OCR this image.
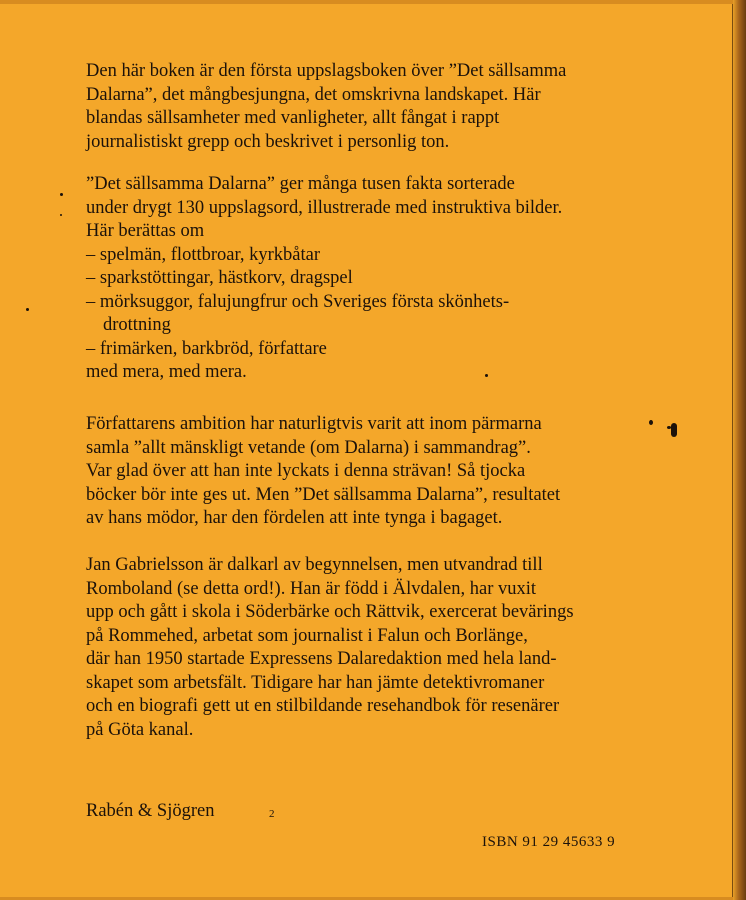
Den här boken är den första uppslagsboken över ”Det sällsamma
Dalarna”, det mångbesjungna, det omskrivna landskapet. Här
blandas sällsamheter med vanligheter, allt fångat i rappt
journalistiskt grepp och beskrivet i personlig ton.
”Det sällsamma Dalarna” ger många tusen fakta sorterade
under drygt 130 uppslagsord, illustrerade med instruktiva bilder.
Här berättas om
– spelmän, flottbroar, kyrkbåtar
– sparkstöttingar, hästkorv, dragspel
– mörksuggor, falujungfrur och Sveriges första skönhets-
drottning
– frimärken, barkbröd, författare
med mera, med mera.
Författarens ambition har naturligtvis varit att inom pärmarna
samla ”allt mänskligt vetande (om Dalarna) i sammandrag”.
Var glad över att han inte lyckats i denna strävan! Så tjocka
böcker bör inte ges ut. Men ”Det sällsamma Dalarna”, resultatet
av hans mödor, har den fördelen att inte tynga i bagaget.
Jan Gabrielsson är dalkarl av begynnelsen, men utvandrad till
Romboland (se detta ord!). Han är född i Älvdalen, har vuxit
upp och gått i skola i Söderbärke och Rättvik, exercerat bevärings
på Rommehed, arbetat som journalist i Falun och Borlänge,
där han 1950 startade Expressens Dalaredaktion med hela land-
skapet som arbetsfält. Tidigare har han jämte detektivromaner
och en biografi gett ut en stilbildande resehandbok för resenärer
på Göta kanal.
Rabén & Sjögren	2
ISBN 91 29 45633 9
